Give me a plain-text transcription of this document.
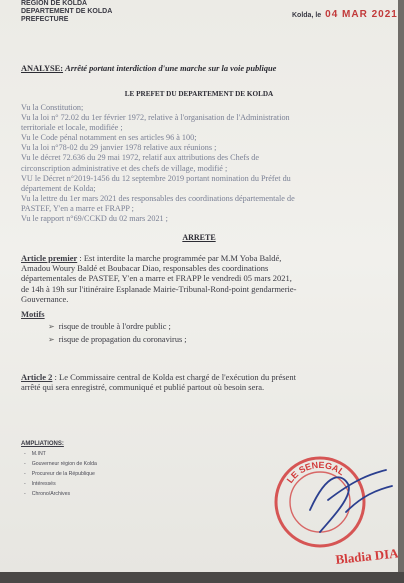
REGION DE KOLDA
DEPARTEMENT DE KOLDA
PREFECTURE
Kolda, le 04 MAR 2021
ANALYSE: Arrêté portant interdiction d'une marche sur la voie publique
LE PREFET DU DEPARTEMENT DE KOLDA

Vu la Constitution;

Vu la loi n° 72.02 du 1er février 1972, relative à l'organisation de l'Administration

territoriale et locale, modifiée ;

Vu le Code pénal notamment en ses articles 96 à 100;

Vu la loi n°78-02 du 29 janvier 1978 relative aux réunions ;

Vu le décret 72.636 du 29 mai 1972, relatif aux attributions des Chefs de

circonscription administrative et des chefs de village, modifié ;

VU le Décret n°2019-1456 du 12 septembre 2019 portant nomination du Préfet du

département de Kolda;

Vu la lettre du 1er mars 2021 des responsables des coordinations départementale de

PASTEF, Y'en a marre et FRAPP ;

Vu le rapport n°69/CCKD du 02 mars 2021 ;

ARRETE

Article premier : Est interdite la marche programmée par M.M Yoba Baldé,

Amadou Woury Baldé et Boubacar Diao, responsables des coordinations

départementales de PASTEF, Y'en a marre et FRAPP le vendredi 05 mars 2021,

de 14h à 19h sur l'itinéraire Esplanade Mairie-Tribunal-Rond-point gendarmerie-

Gouvernance.

Motifs
➢ risque de trouble à l'ordre public ;
➢ risque de propagation du coronavirus ;

Article 2 : Le Commissaire central de Kolda est chargé de l'exécution du présent

arrêté qui sera enregistré, communiqué et publié partout où besoin sera.

AMPLIATIONS:
- M.INT
- Gouverneur région de Kolda
- Procureur de la République
- Intéressés
- Chrono/Archives
LE SENEGAL
Bladia DIA
